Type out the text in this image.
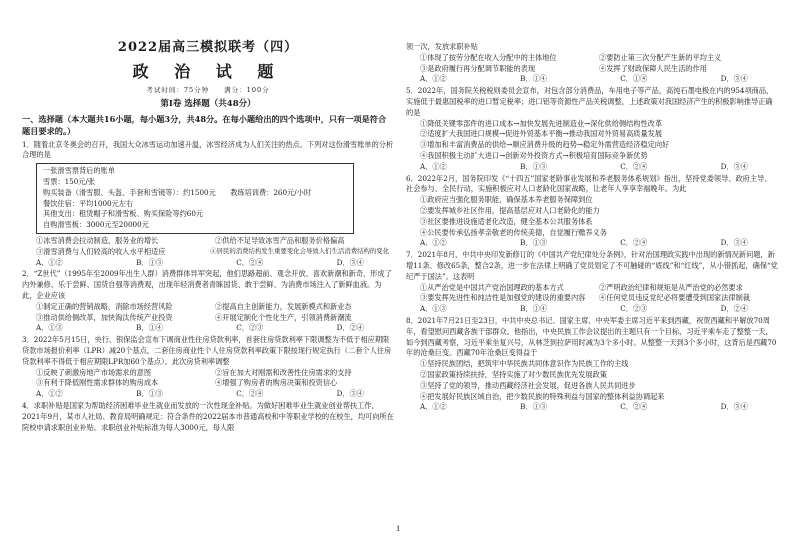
2022届高三模拟联考（四）
政 治 试 题
考试时间：75分钟　　满分：100分
第Ⅰ卷 选择题（共48分）

一、选择题（本大题共16小题，每小题3分，共48分。在每小题给出的四个选项中，只有一项是符合题目要求的。）

1．随着北京冬奥会的召开，我国大众冰雪运动加速升温，冰雪经济成为人们关注的热点。下列对这份滑雪账单的分析合理的是

一张滑雪票背后的账单
雪票：150元/张
购买装备（滑雪服、头盔、手套和雪镜等）：约1500元　　教练培训费：260元/小时
餐饮住宿：平均1000元左右
其他支出：租赁帽子和滑雪板、购买保险等约60元
自购滑雪板：3000元至20000元
①冰雪消费会拉动制造、服务业的增长	②供给不足导致冰雪产品和服务价格偏高
③滑雪消费与人们较高的收入水平相适应	④居民的消费结构发生重要变化会导致人们生活消费结构的变化
A．①②	B．①③	C．②④	D．③④

2．“Z世代”（1995年至2009年出生人群）消费群体异军突起，他们思路超前、观念开放、喜欢新潮和新奇，形成了内外兼修、乐于尝鲜、国货自强等消费观，出现年轻消费者青睐国货、敢于尝鲜、为消费市场注入了新鲜血液。为此，企业应该

①制定正确的营销战略，消除市场经营风险	②提高自主创新能力，发展新模式和新业态
③推动供给侧改革，加快淘汰传统产业投资	④开展定制化个性化生产，引领消费新潮流
A．①③	B．①④	C．②③	D．②④

3．2022年5月15日，央行、银保监会宣布下调商业性住房贷款利率，首套住房贷款利率下限调整为不低于相应期限贷款市场报价利率（LPR）减20个基点，二套住房商业性个人住房贷款利率政策下限按现行规定执行（二套个人住房贷款利率不得低于相应期限LPR加60个基点）。此次房贷利率调整

①反映了刺激房地产市场需求的意图	②旨在加大对刚需和改善性住房需求的支持
③有利于降低刚性需求群体的购房成本	④增强了购房者的购房决策和投资信心
A．①②	B．①③	C．②④	D．③④

4．求职补贴是国家为帮助经济困难毕业生就业而发放的一次性现金补贴。为做好困难毕业生就业创业帮扶工作，2021年9月，某市人社局、教育局明确规定：符合条件的2022届本市普通高校和中等职业学校的在校生，均可向所在院校申请求职创业补贴。求职创业补贴标准为每人3000元，每人限

领一次，发放求职补贴

①体现了按劳分配在收入分配中的主体地位	②要防止第三次分配产生新的平均主义
③是政府履行再分配调节职能的表现	④发挥了财政保障人民生活的作用
A．①②	B．①④	C．①④	D．③④

5．2022年，国务院关税税则委员会宣布，对包含部分消费品，车用电子等产品，高纯石墨电极在内的954项商品，实施低于最惠国税率的进口暂定税率；进口铝等资源性产品关税调整，上述政策对我国经济产生的积极影响推导正确的是

①降低关键零部件的进口成本→加快发展先进制造业→深化供给侧结构性改革

②适度扩大我国进口规模→促进外贸基本平衡→推动我国对外贸易高质量发展

③增加和丰富消费品的供给→顺应消费升级的趋势→稳定外需营造经济稳定向好

④我国积极主动扩大进口→创新对外投资方式→积极培育国际竞争新优势

A．①②	B．①③	C．②④	D．③④

6．2022年2月，国务院印发《“十四五”国家老龄事业发展和养老服务体系规划》指出，坚持党委领导、政府主导、社会参与、全民行动，实施积极应对人口老龄化国家战略，让老年人享享幸福晚年。为此

①政府应当强化服务职能，确保基本养老服务保障到位

②要发挥城乡社区作用，提高基层应对人口老龄化的能力

③社区要推进设施适老化改造，健全基本公共服务体系

④公民要传承弘扬孝亲敬老的传统美德，自觉履行赡养义务

A．①②	B．①③	C．②④	D．③④

7．2021年8月，中共中央印发新修订的《中国共产党纪律处分条例》，针对治国理政实践中出现的新情况新问题，新增11条、修改65条，整合2条，进一步在法律上明确了党员划定了不可触碰的“底线”和“红线”，从小错抓起，确保“党纪严于国法”。这表明

①从严治党是中国共产党治国理政的基本方式	②严明政治纪律和规矩是从严治党的必然要求
③要发挥先进性和纯洁性是加强党的建设的重要内容	④任何党员违反党纪必将要遭受到国家法律制裁
A．①③	B．①④	C．②③	D．②④

8．2021年7月21日至23日，中共中央总书记、国家主席、中央军委主席习近平来到西藏，祝贺西藏和平解放70周年，看望慰问西藏各族干部群众。他指出，中央民族工作会议提出的主题只有一个目标，习近平乘车走了整整一天，如今到西藏考察，习近平乘坐复兴号，从林芝到拉萨用时减为3个多小时。从整整一天到3个多小时，这背后是西藏70年的沧桑巨变。西藏70年沧桑巨变得益于

①坚持民族团结，把筑牢中华民族共同体意识作为民族工作的主线

②国家政策持续扶持，坚持实施了对少数民族优先发展政策

③坚持了党的领导，推动西藏经济社会发展，促进各族人民共同进步

④把发展好民族区域自治，把少数民族的特殊利益与国家的整体利益协调起来

A．①②	B．①③	C．②④	D．③④
1
